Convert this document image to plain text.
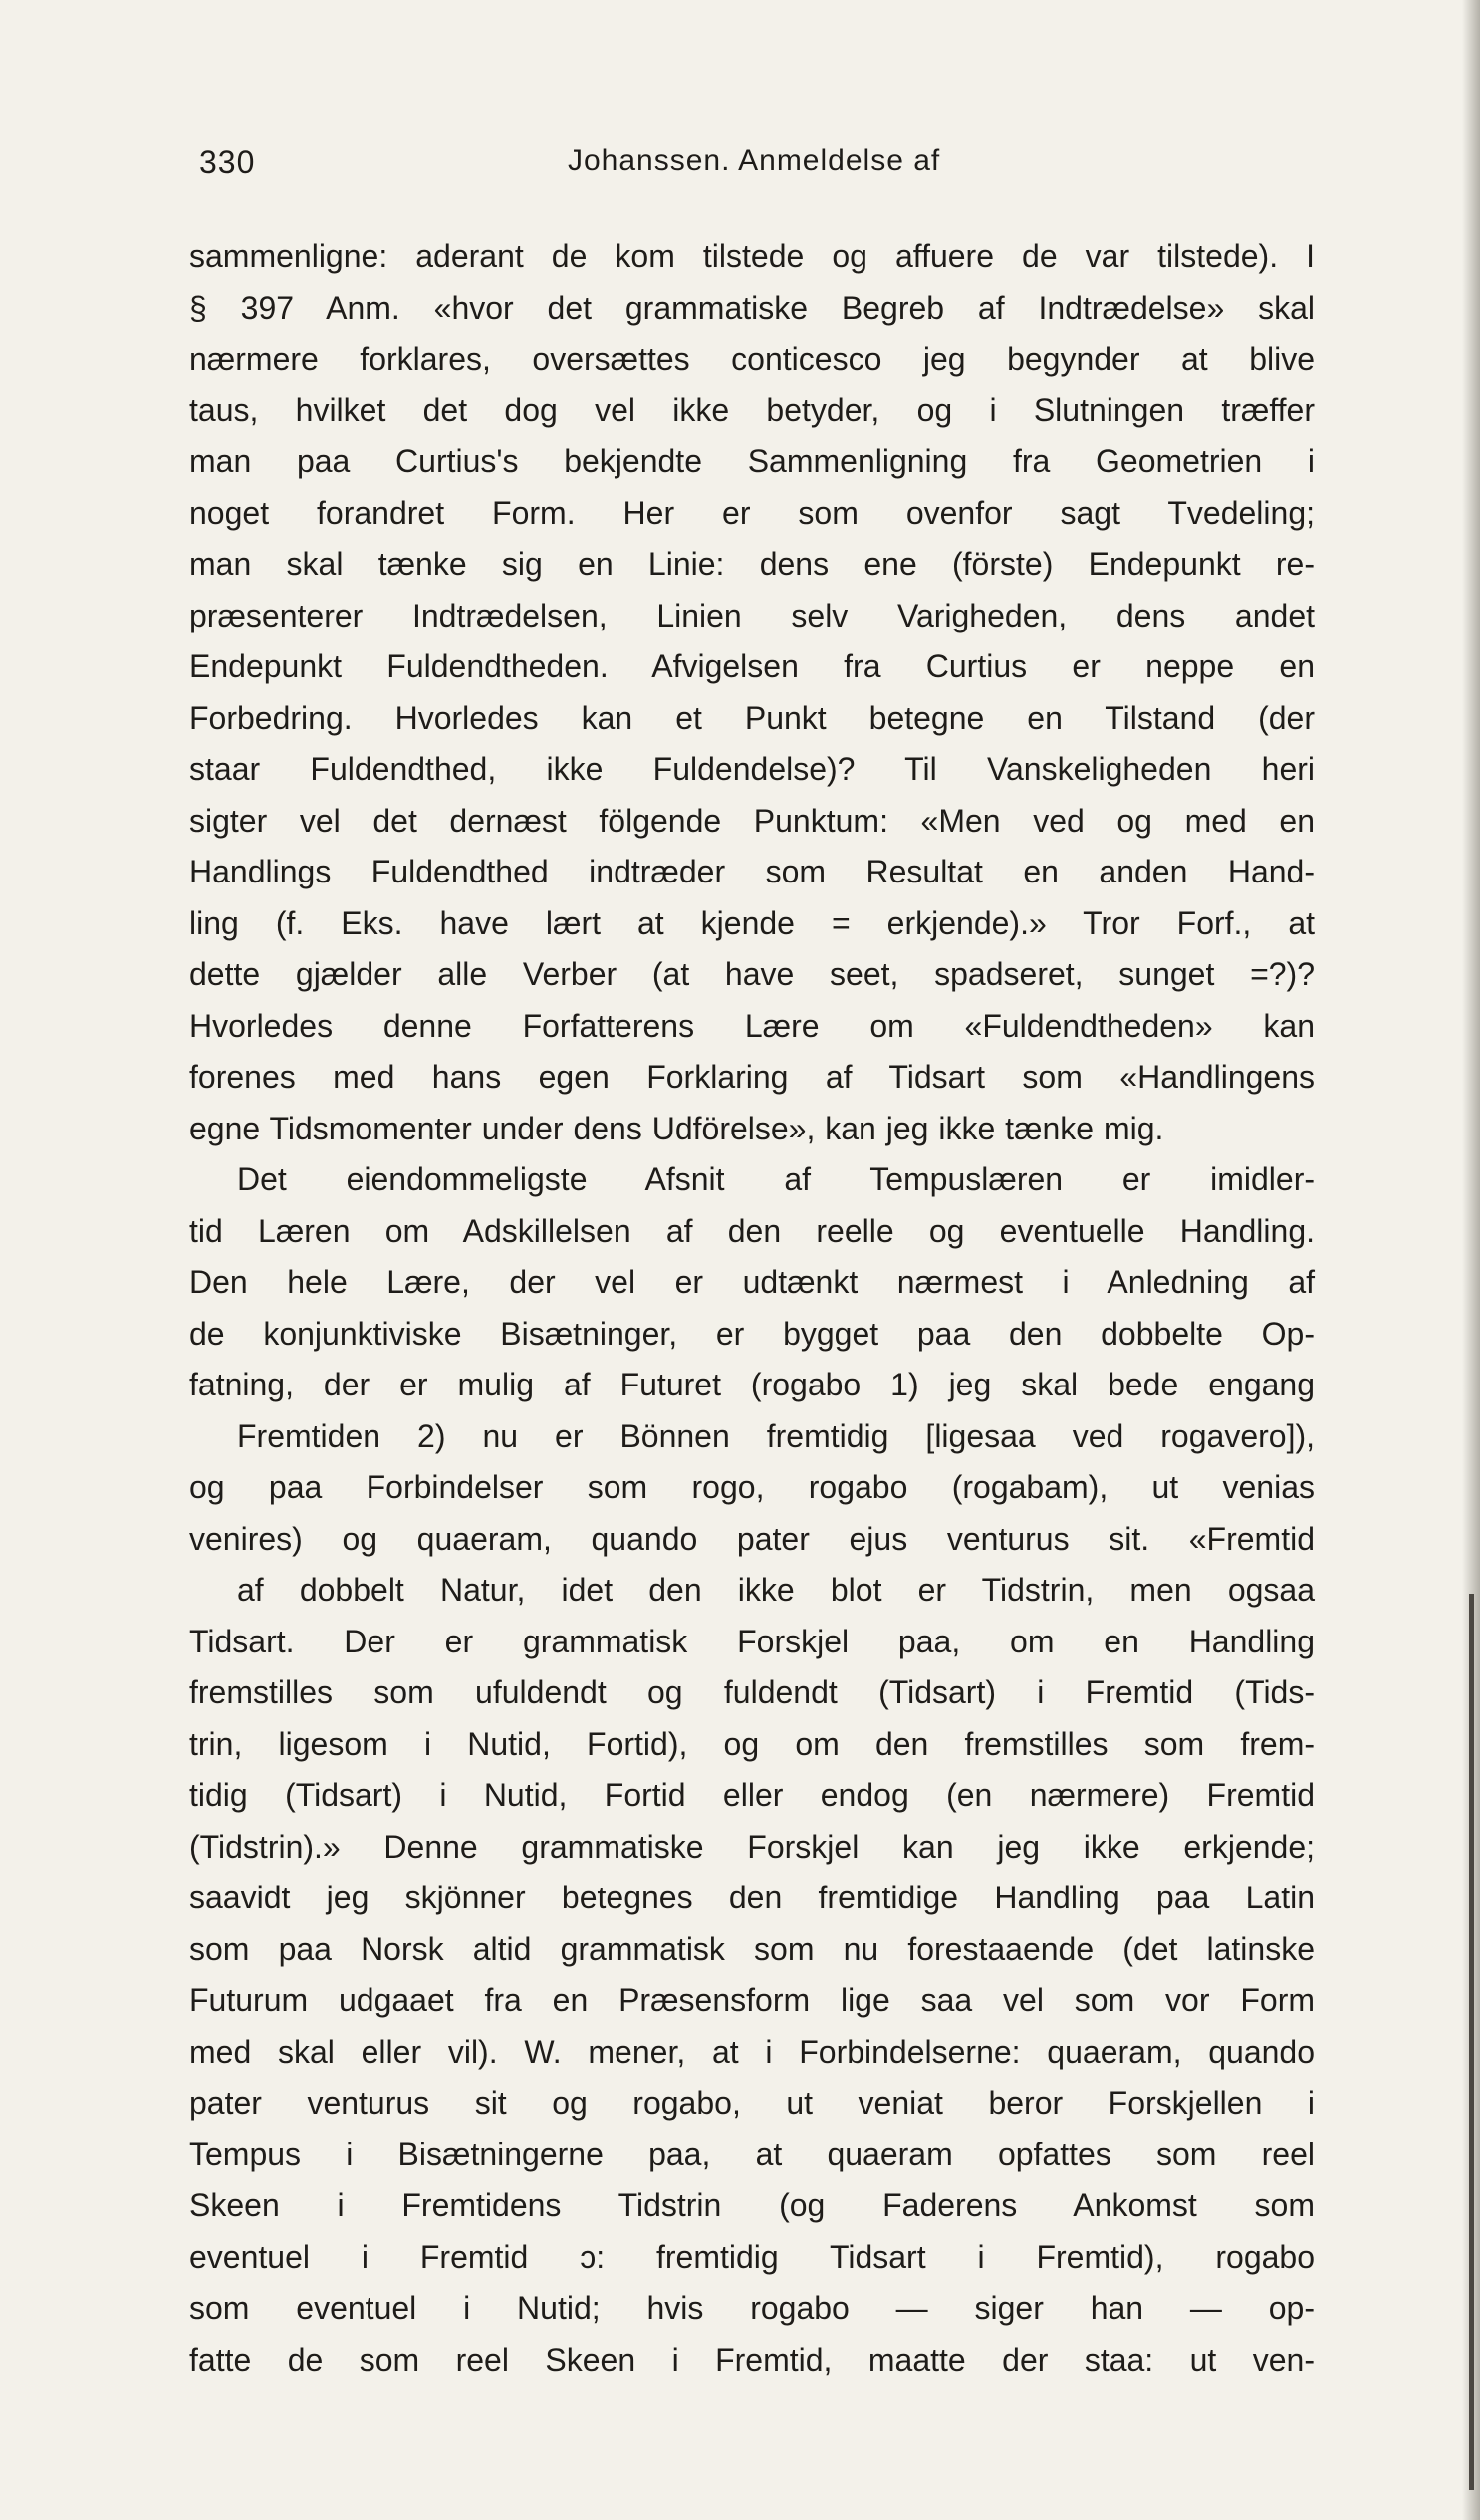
330	Johanssen. Anmeldelse af
sammenligne: aderant de kom tilstede og affuere de var tilstede). I
§ 397 Anm. «hvor det grammatiske Begreb af Indtrædelse» skal
nærmere forklares, oversættes conticesco jeg begynder at blive
taus, hvilket det dog vel ikke betyder, og i Slutningen træffer
man paa Curtius's bekjendte Sammenligning fra Geometrien i
noget forandret Form. Her er som ovenfor sagt Tvedeling;
man skal tænke sig en Linie: dens ene (förste) Endepunkt re-
præsenterer Indtrædelsen, Linien selv Varigheden, dens andet
Endepunkt Fuldendtheden. Afvigelsen fra Curtius er neppe en
Forbedring. Hvorledes kan et Punkt betegne en Tilstand (der
staar Fuldendthed, ikke Fuldendelse)? Til Vanskeligheden heri
sigter vel det dernæst fölgende Punktum: «Men ved og med en
Handlings Fuldendthed indtræder som Resultat en anden Hand-
ling (f. Eks. have lært at kjende = erkjende).» Tror Forf., at
dette gjælder alle Verber (at have seet, spadseret, sunget =?)?
Hvorledes denne Forfatterens Lære om «Fuldendtheden» kan
forenes med hans egen Forklaring af Tidsart som «Handlingens
egne Tidsmomenter under dens Udförelse», kan jeg ikke tænke mig.
Det eiendommeligste Afsnit af Tempuslæren er imidler-
tid Læren om Adskillelsen af den reelle og eventuelle Handling.
Den hele Lære, der vel er udtænkt nærmest i Anledning af
de konjunktiviske Bisætninger, er bygget paa den dobbelte Op-
fatning, der er mulig af Futuret (rogabo 1) jeg skal bede engang
Fremtiden 2) nu er Bönnen fremtidig [ligesaa ved rogavero]),
og paa Forbindelser som rogo, rogabo (rogabam), ut venias
venires) og quaeram, quando pater ejus venturus sit. «Fremtid
af dobbelt Natur, idet den ikke blot er Tidstrin, men ogsaa
Tidsart. Der er grammatisk Forskjel paa, om en Handling
fremstilles som ufuldendt og fuldendt (Tidsart) i Fremtid (Tids-
trin, ligesom i Nutid, Fortid), og om den fremstilles som frem-
tidig (Tidsart) i Nutid, Fortid eller endog (en nærmere) Fremtid
(Tidstrin).» Denne grammatiske Forskjel kan jeg ikke erkjende;
saavidt jeg skjönner betegnes den fremtidige Handling paa Latin
som paa Norsk altid grammatisk som nu forestaaende (det latinske
Futurum udgaaet fra en Præsensform lige saa vel som vor Form
med skal eller vil). W. mener, at i Forbindelserne: quaeram, quando
pater venturus sit og rogabo, ut veniat beror Forskjellen i
Tempus i Bisætningerne paa, at quaeram opfattes som reel
Skeen i Fremtidens Tidstrin (og Faderens Ankomst som
eventuel i Fremtid ɔ: fremtidig Tidsart i Fremtid), rogabo
som eventuel i Nutid; hvis rogabo — siger han — op-
fatte de som reel Skeen i Fremtid, maatte der staa: ut ven-
